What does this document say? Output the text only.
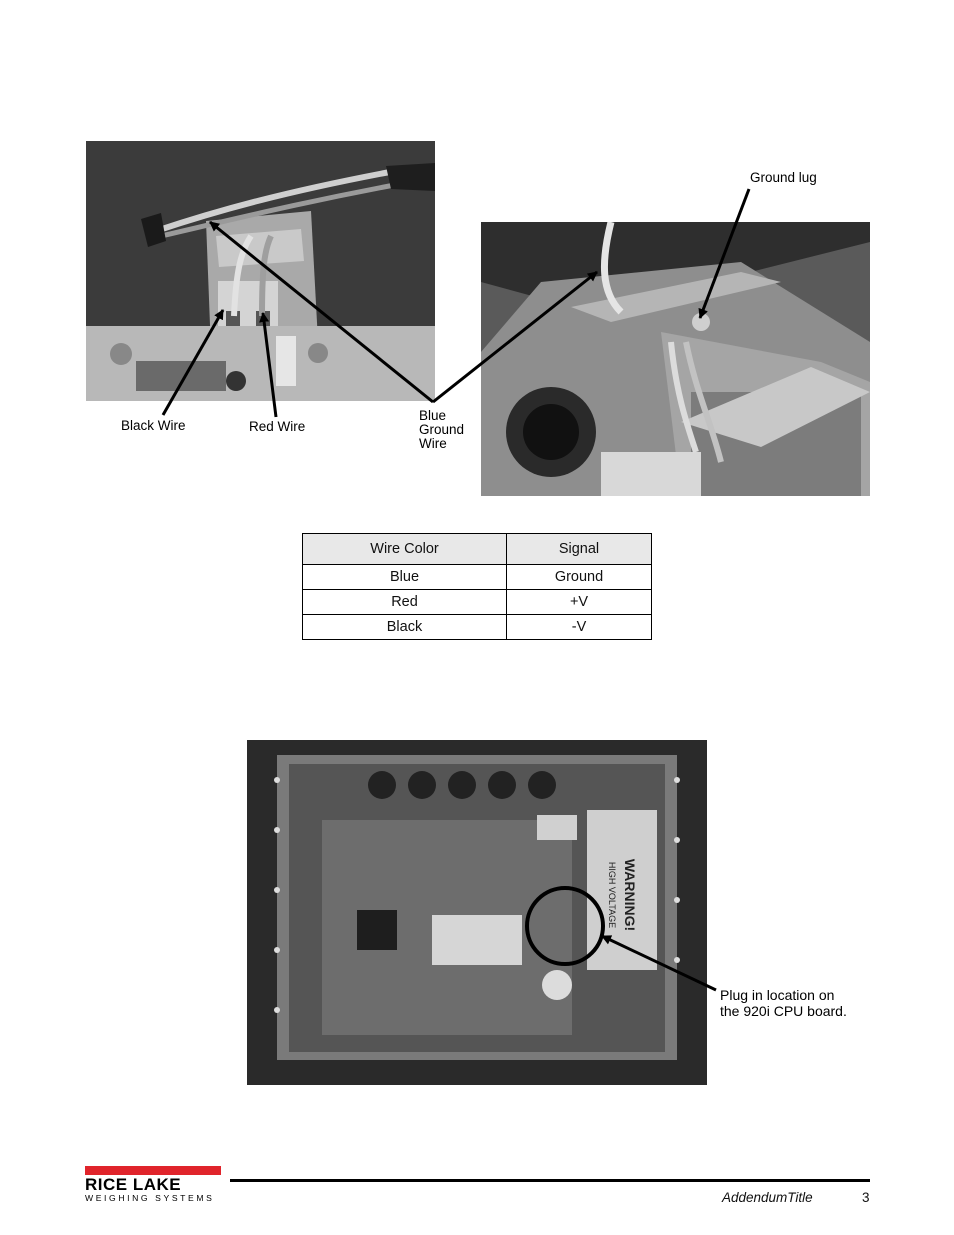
WARNING!
HIGH VOLTAGE
Black Wire	Red Wire
Blue
Ground
Wire
Ground lug
Plug in location on
the 920i CPU board.
Wire Color	Signal
Blue	Ground
Red	+V
Black	-V
RICE LAKE
WEIGHING SYSTEMS	AddendumTitle	3
